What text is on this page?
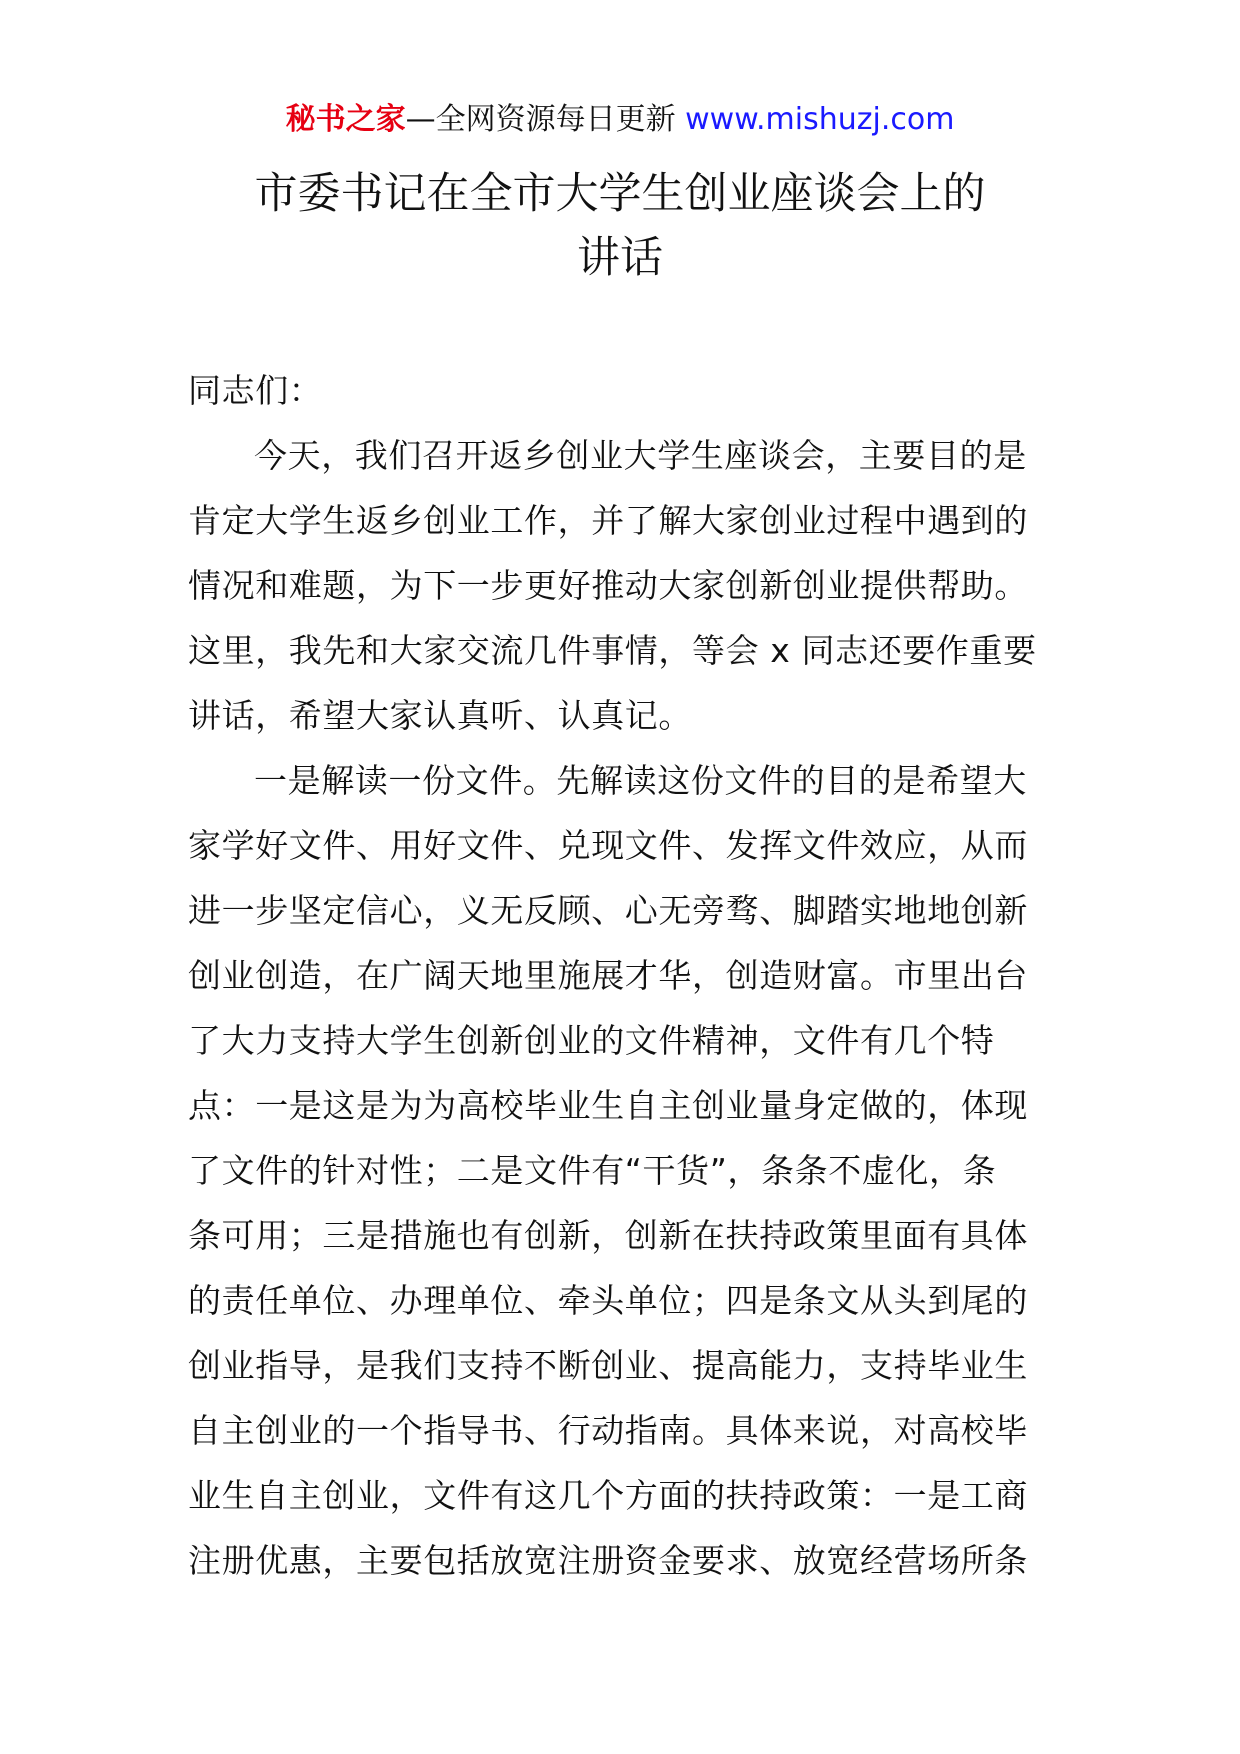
秘书之家—全网资源每日更新 www.mishuzj.com
市委书记在全市大学生创业座谈会上的
讲话
同志们：
今天，我们召开返乡创业大学生座谈会，主要目的是
肯定大学生返乡创业工作，并了解大家创业过程中遇到的
情况和难题，为下一步更好推动大家创新创业提供帮助。
这里，我先和大家交流几件事情，等会 x 同志还要作重要
讲话，希望大家认真听、认真记。
一是解读一份文件。先解读这份文件的目的是希望大
家学好文件、用好文件、兑现文件、发挥文件效应，从而
进一步坚定信心，义无反顾、心无旁骛、脚踏实地地创新
创业创造，在广阔天地里施展才华，创造财富。市里出台
了大力支持大学生创新创业的文件精神，文件有几个特
点：一是这是为为高校毕业生自主创业量身定做的，体现
了文件的针对性；二是文件有“干货”，条条不虚化，条
条可用；三是措施也有创新，创新在扶持政策里面有具体
的责任单位、办理单位、牵头单位；四是条文从头到尾的
创业指导，是我们支持不断创业、提高能力，支持毕业生
自主创业的一个指导书、行动指南。具体来说，对高校毕
业生自主创业，文件有这几个方面的扶持政策：一是工商
注册优惠，主要包括放宽注册资金要求、放宽经营场所条
